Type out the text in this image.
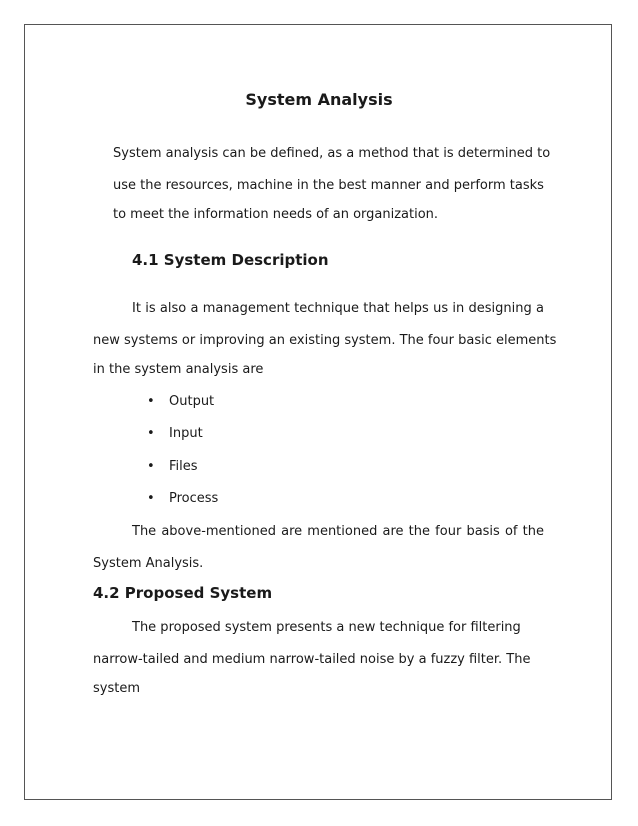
System Analysis
System analysis can be defined, as a method that is determined to
use the resources, machine in the best manner and perform tasks
to meet the information needs of an organization.
4.1 System Description
It is also a management technique that helps us in designing a
new systems or improving an existing system. The four basic elements
in the system analysis are
• Output
• Input
• Files
• Process
The above-mentioned are mentioned are the four basis of the
System Analysis.
4.2 Proposed System
The proposed system presents a new technique for filtering
narrow-tailed and medium narrow-tailed noise by a fuzzy filter. The
system
